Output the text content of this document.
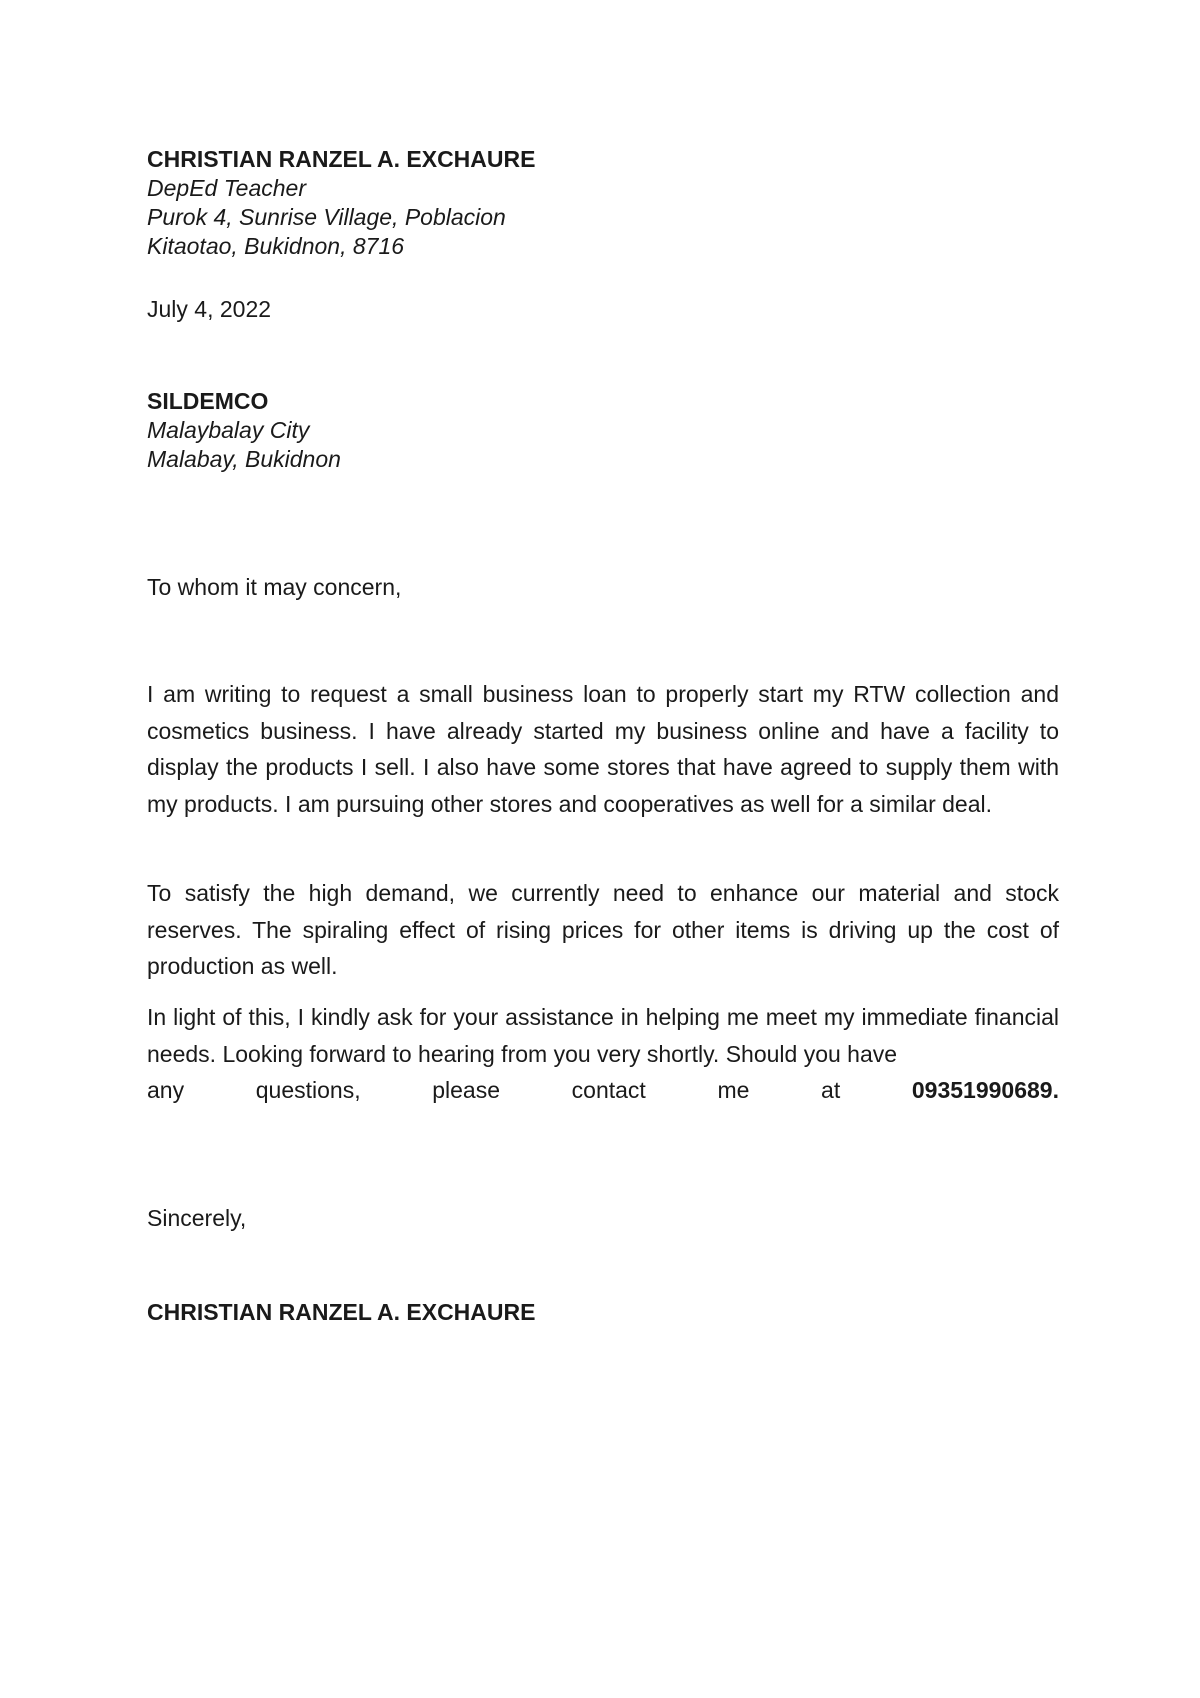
CHRISTIAN RANZEL A. EXCHAURE
DepEd Teacher
Purok 4, Sunrise Village, Poblacion
Kitaotao, Bukidnon, 8716
July 4, 2022
SILDEMCO
Malaybalay City
Malabay, Bukidnon
To whom it may concern,

I am writing to request a small business loan to properly start my RTW collection and cosmetics business. I have already started my business online and have a facility to display the products I sell. I also have some stores that have agreed to supply them with my products. I am pursuing other stores and cooperatives as well for a similar deal.

To satisfy the high demand, we currently need to enhance our material and stock reserves. The spiraling effect of rising prices for other items is driving up the cost of production as well.

In light of this, I kindly ask for your assistance in helping me meet my immediate financial needs. Looking forward to hearing from you very shortly. Should you have

any questions, please contact me at	09351990689.

Sincerely,
CHRISTIAN RANZEL A. EXCHAURE
